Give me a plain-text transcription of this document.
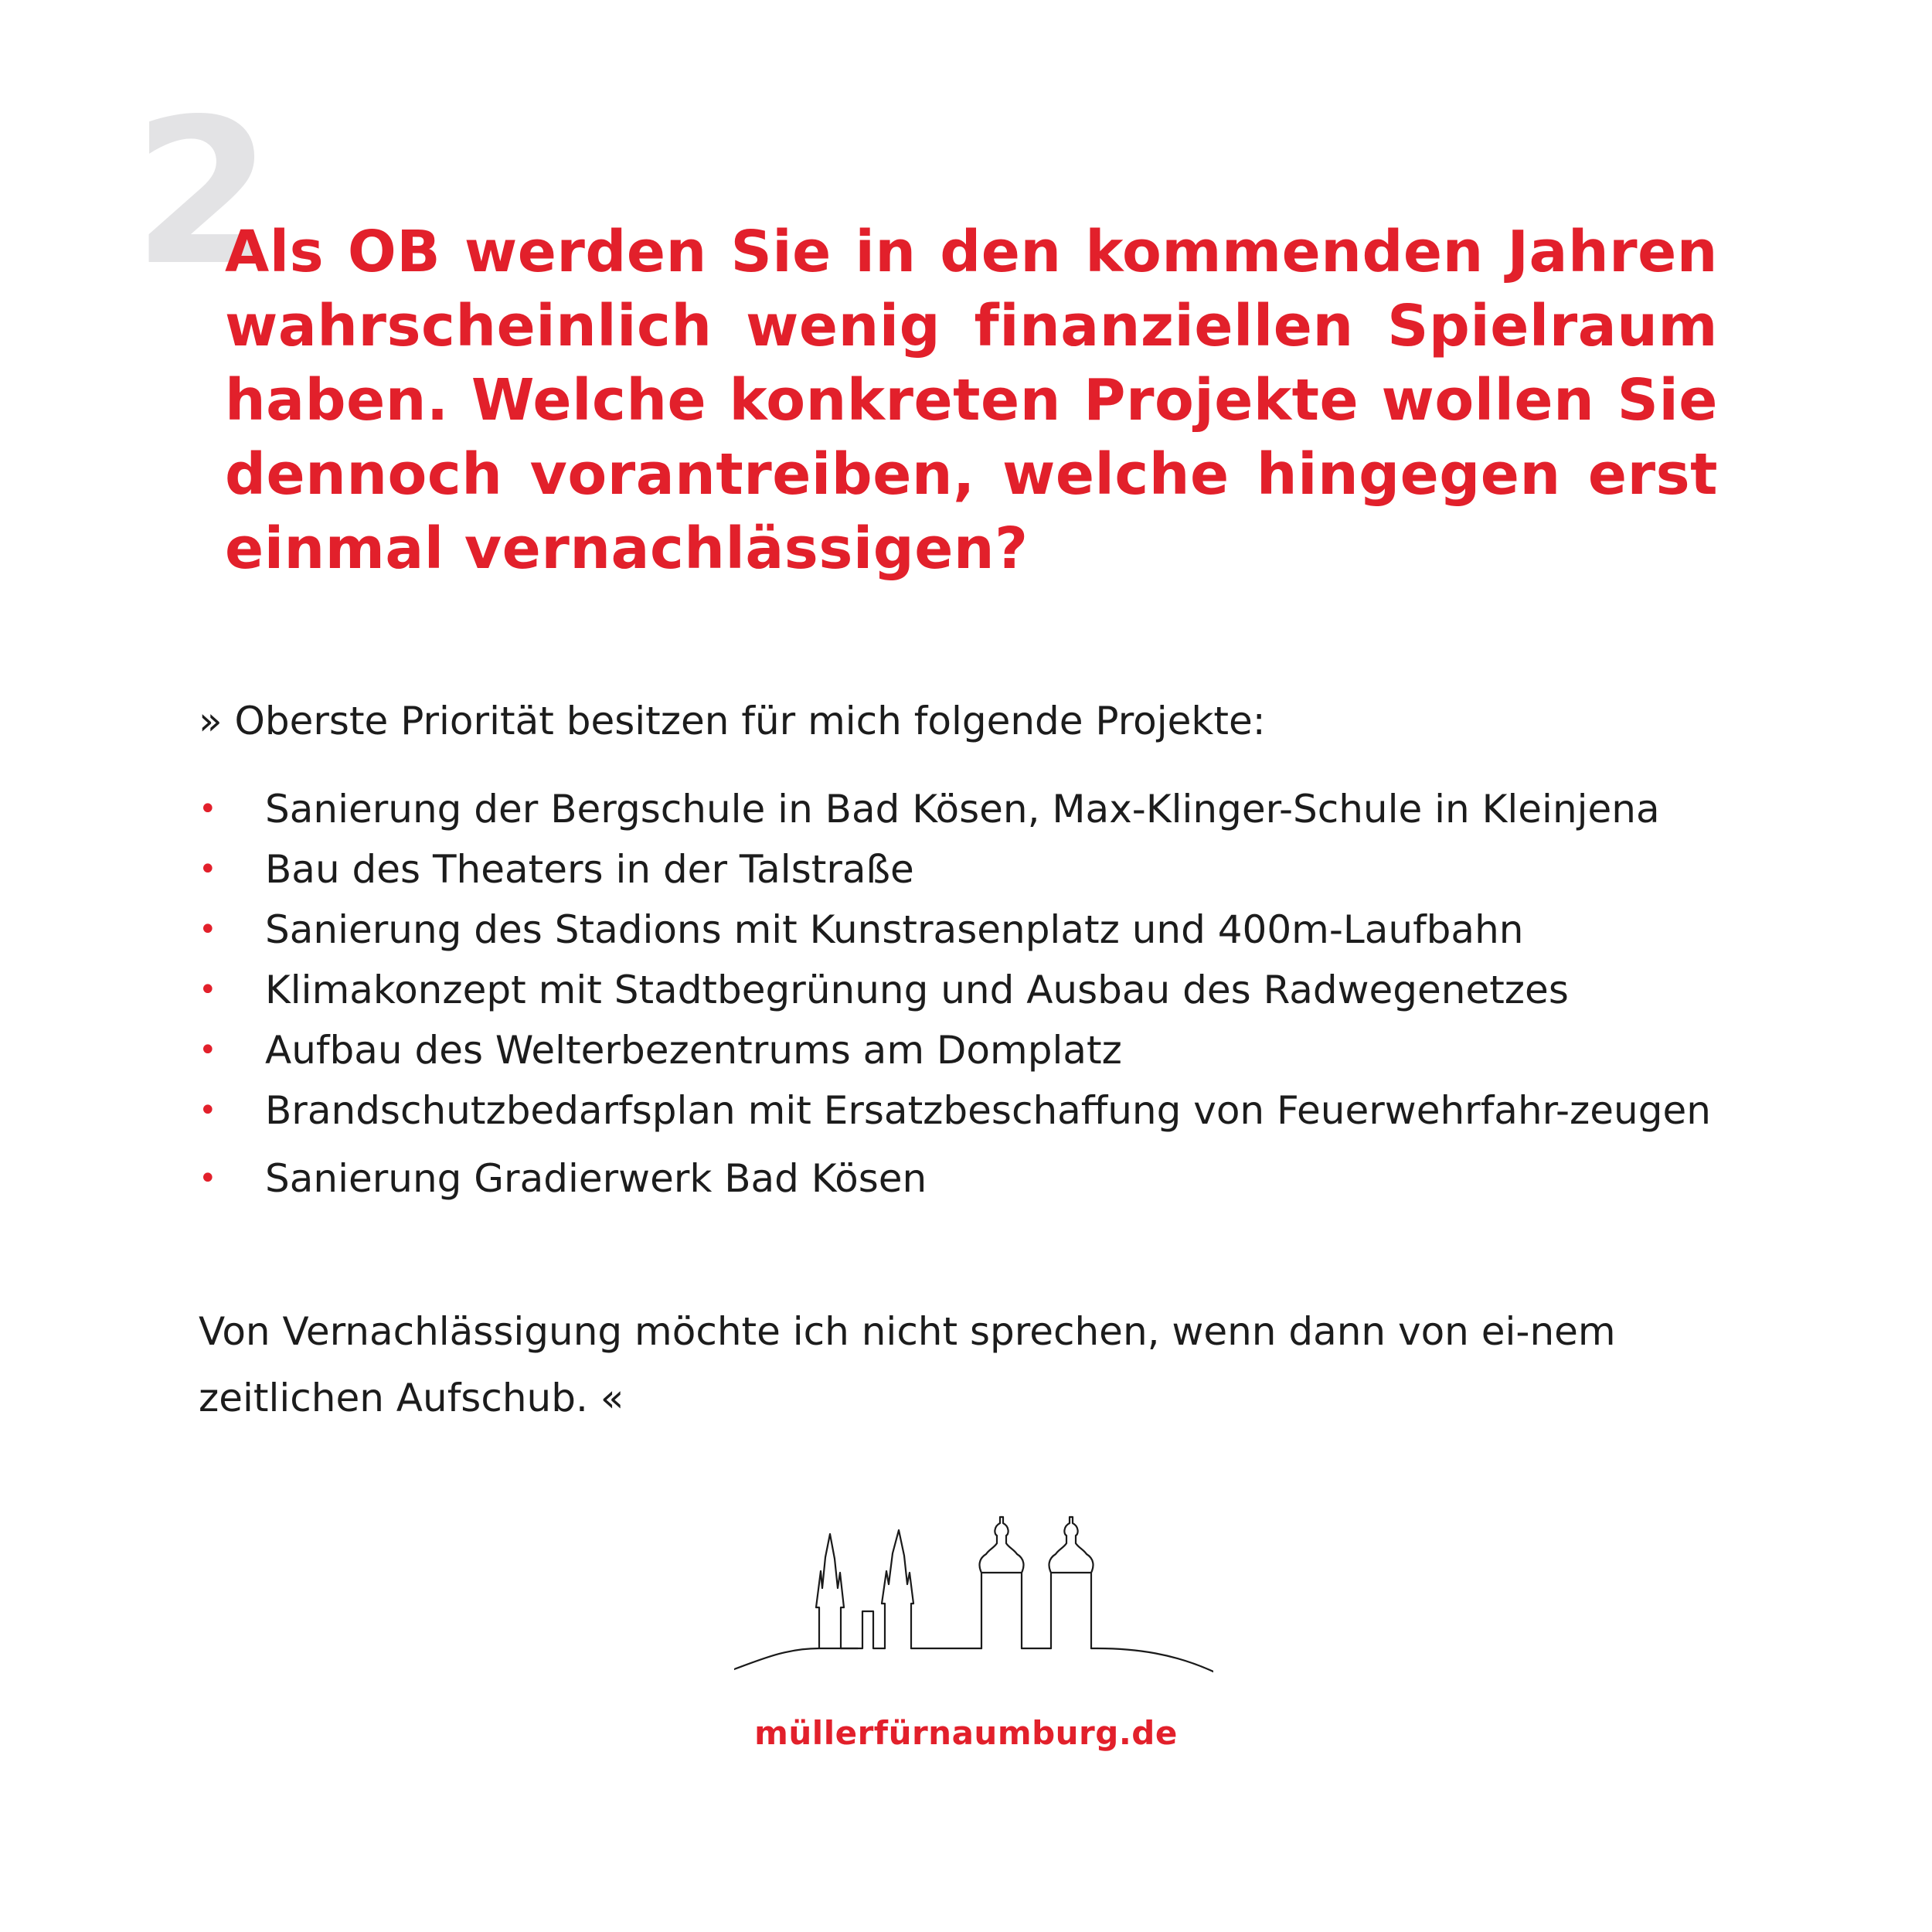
2

Als OB werden Sie in den kommenden Jahren wahrscheinlich wenig finanziellen Spielraum haben. Welche konkreten Projekte wollen Sie dennoch vorantreiben, welche hingegen erst einmal vernachlässigen?

» Oberste Priorität besitzen für mich folgende Projekte:

• Sanierung der Bergschule in Bad Kösen, Max-Klinger-Schule in Kleinjena
• Bau des Theaters in der Talstraße
• Sanierung des Stadions mit Kunstrasenplatz und 400m-Laufbahn
• Klimakonzept mit Stadtbegrünung und Ausbau des Radwegenetzes
• Aufbau des Welterbezentrums am Domplatz
• Brandschutzbedarfsplan mit Ersatzbeschaffung von Feuerwehrfahr-zeugen
• Sanierung Gradierwerk Bad Kösen

Von Vernachlässigung möchte ich nicht sprechen, wenn dann von ei-nem zeitlichen Aufschub. «

müllerfürnaumburg.de
